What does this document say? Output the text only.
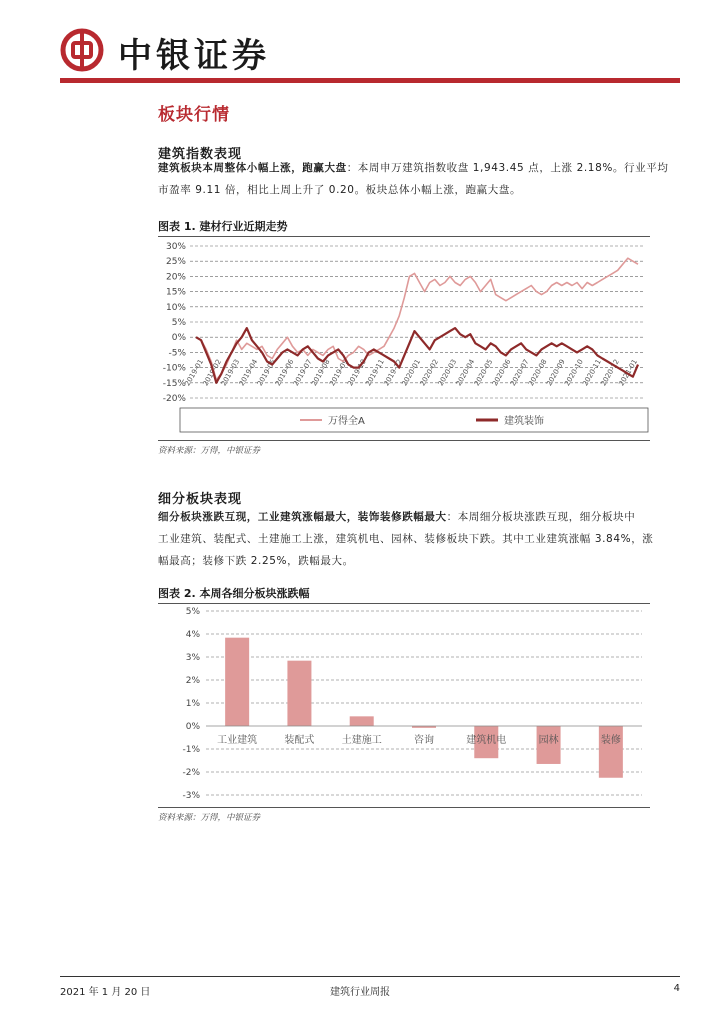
中银证券
板块行情
建筑指数表现
建筑板块本周整体小幅上涨，跑赢大盘：本周申万建筑指数收盘 1,943.45 点，上涨 2.18%。行业平均
市盈率 9.11 倍，相比上周上升了 0.20。板块总体小幅上涨，跑赢大盘。
图表 1. 建材行业近期走势
30%
25%
20%
15%
10%
5%
0%
-5%
-10%
-15%
-20%
2019-01
2019-02
2019-03
2019-04
2019-05
2019-06
2019-07
2019-08
2019-09
2019-10
2019-11
2019-12
2020-01
2020-02
2020-03
2020-04
2020-05
2020-06
2020-07
2020-08
2020-09
2020-10
2020-11
2020-12
2021-01
万得全A	建筑装饰
资料来源：万得，中银证券
细分板块表现
细分板块涨跌互现，工业建筑涨幅最大，装饰装修跌幅最大：本周细分板块涨跌互现，细分板块中
工业建筑、装配式、土建施工上涨，建筑机电、园林、装修板块下跌。其中工业建筑涨幅 3.84%，涨
幅最高；装修下跌 2.25%，跌幅最大。
图表 2. 本周各细分板块涨跌幅
5%
4%
3%
2%
1%
0%
-1%
-2%
-3%
工业建筑	装配式	土建施工	咨询	建筑机电	园林	装修
资料来源：万得，中银证券
2021 年 1 月 20 日	建筑行业周报	4
